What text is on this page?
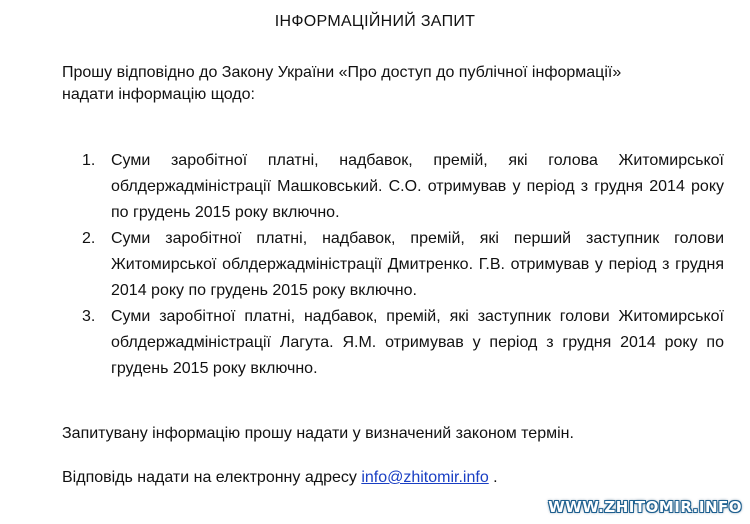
ІНФОРМАЦІЙНИЙ ЗАПИТ
Прошу відповідно до Закону України «Про доступ до публічної інформації»
надати інформацію щодо:
1. Суми заробітної платні, надбавок, премій, які голова Житомирської облдержадміністрації Машковський. С.О. отримував у період з грудня 2014 року по грудень 2015 року включно.
2. Суми заробітної платні, надбавок, премій, які перший заступник голови Житомирської облдержадміністрації Дмитренко. Г.В. отримував у період з грудня 2014 року по грудень 2015 року включно.
3. Суми заробітної платні, надбавок, премій, які заступник голови Житомирської облдержадміністрації Лагута. Я.М. отримував у період з грудня 2014 року по грудень 2015 року включно.
Запитувану інформацію прошу надати у визначений законом термін.
Відповідь надати на електронну адресу info@zhitomir.info .
WWW.ZHITOMIR.INFO
